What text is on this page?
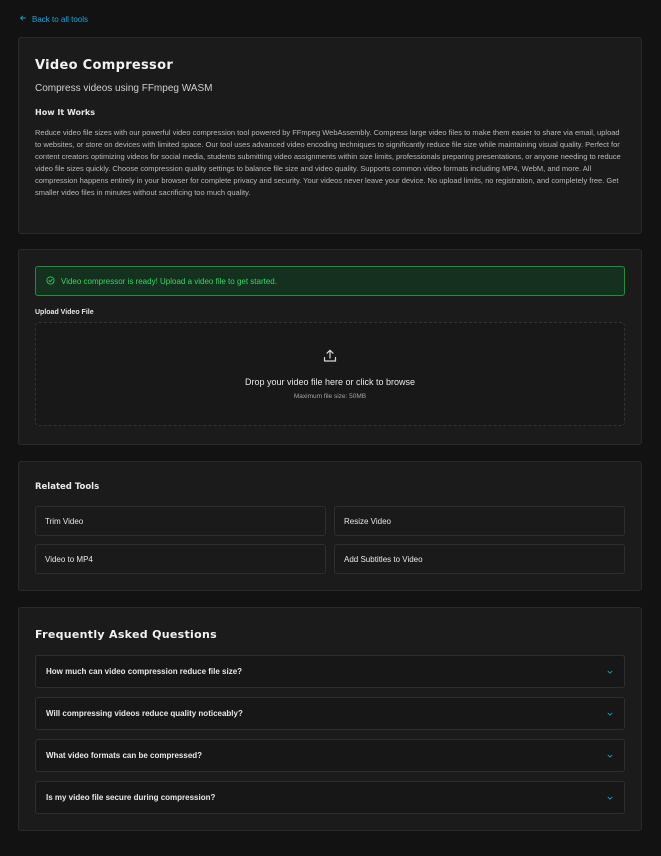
Back to all tools
Video Compressor
Compress videos using FFmpeg WASM
How It Works

Reduce video file sizes with our powerful video compression tool powered by FFmpeg WebAssembly. Compress large video files to make them easier to share via email, upload to websites, or store on devices with limited space. Our tool uses advanced video encoding techniques to significantly reduce file size while maintaining visual quality. Perfect for content creators optimizing videos for social media, students submitting video assignments within size limits, professionals preparing presentations, or anyone needing to reduce video file sizes quickly. Choose compression quality settings to balance file size and video quality. Supports common video formats including MP4, WebM, and more. All compression happens entirely in your browser for complete privacy and security. Your videos never leave your device. No upload limits, no registration, and completely free. Get smaller video files in minutes without sacrificing too much quality.

Video compressor is ready! Upload a video file to get started.
Upload Video File
Drop your video file here or click to browse
Maximum file size: 50MB
Related Tools
Trim Video	Resize Video
Video to MP4	Add Subtitles to Video
Frequently Asked Questions
How much can video compression reduce file size?
Will compressing videos reduce quality noticeably?
What video formats can be compressed?
Is my video file secure during compression?
